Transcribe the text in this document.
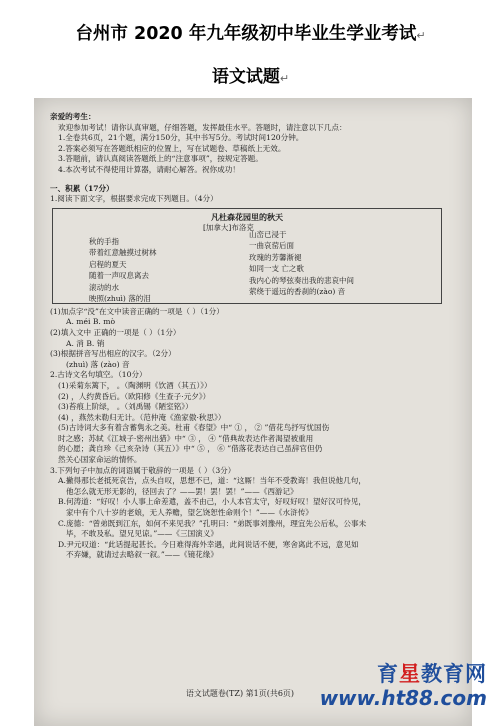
台州市 2020 年九年级初中毕业生学业考试↵
语文试题↵
亲爱的考生：
欢迎参加考试！请你认真审题，仔细答题，发挥最佳水平。答题时，请注意以下几点：
1.全卷共6页，21个题，满分150分，其中书写5分。考试时间120分钟。
2.答案必须写在答题纸相应的位置上，写在试题卷、草稿纸上无效。
3.答题前，请认真阅读答题纸上的“注意事项”，按规定答题。
4.本次考试不得使用计算器，请耐心解答。祝你成功！
一、积累（17分）
1.阅读下面文字，根据要求完成下列题目。（4分）
凡杜森花园里的秋天
[加拿大]布洛克
秋的手指
带着红意触摸过树林
启程的夏天
随着一声叹息离去
滚动的水
映照(zhuì) 落的泪
山峦已浸于
一曲哀䓨后面
玫瑰的芳馨渐褪
如同一支 亡之歌
我内心的琴弦奏出我的悲哀中间
萦绕于遥远的香刹的(zào) 音
(1)加点字“没”在文中读音正确的一项是（ ）（1分）
A. méi B. mò
(2)填入文中 正确的一项是（ ）（1分）
A. 消 B. 销
(3)根据拼音写出相应的汉字。（2分）
(zhuì) 落 (zào) 音
2.古诗文名句填空。（10分）
(1)采菊东篱下， 。（陶渊明《饮酒（其五）》）
(2) ，人约黄昏后。（欧阳修《生查子·元夕》）
(3)苔痕上阶绿， 。（刘禹锡《陋室铭》）
(4) ，燕然未勒归无计。（范仲淹《渔家傲·秋思》）
(5)古诗词大多有着含蓄隽永之美。杜甫《春望》中“ ① ， ② ”借花鸟抒写忧国伤
时之感；苏轼《江城子·密州出猎》中“ ③ ， ④ ”借典故表达作者渴望被重用
的心愿；龚自珍《己亥杂诗（其五）》中“ ⑤ ， ⑥ ”借落花表达自己虽辞官但仍
然关心国家命运的情怀。
3.下列句子中加点的词语属于敬辞的一项是（ ）（3分）
A.撇得那长老抵死哀告，点头自叹，思想不已，道：“这厮！当年不受教诲！我但说他几句，
他怎么就无形无影的，径回去了？——罢！罢！罢！”——《西游记》
B.何涛道：“好叹！小人事上命差遣，盖不由己，小人本官太守，好叹好叹！望好汉可怜见，
家中有个八十岁的老娘，无人养赡，望乞饶恕性命则个！”——《水浒传》
C.庞德：“曾弟既到江东，如何不来见我？”孔明曰：“弟既事刘豫州，理宜先公后私，公事未
毕，不敢及私。望兄见谅。”——《三国演义》
D.尹元叹道：“此话提起甚长。今日难得海外幸遇，此间说话不便，寒舍离此不远，意见如
不弃嫌，就请过去略叙一叙。”——《镜花缘》
语文试题卷(TZ) 第1页(共6页)
育星教育网
www.ht88.com
